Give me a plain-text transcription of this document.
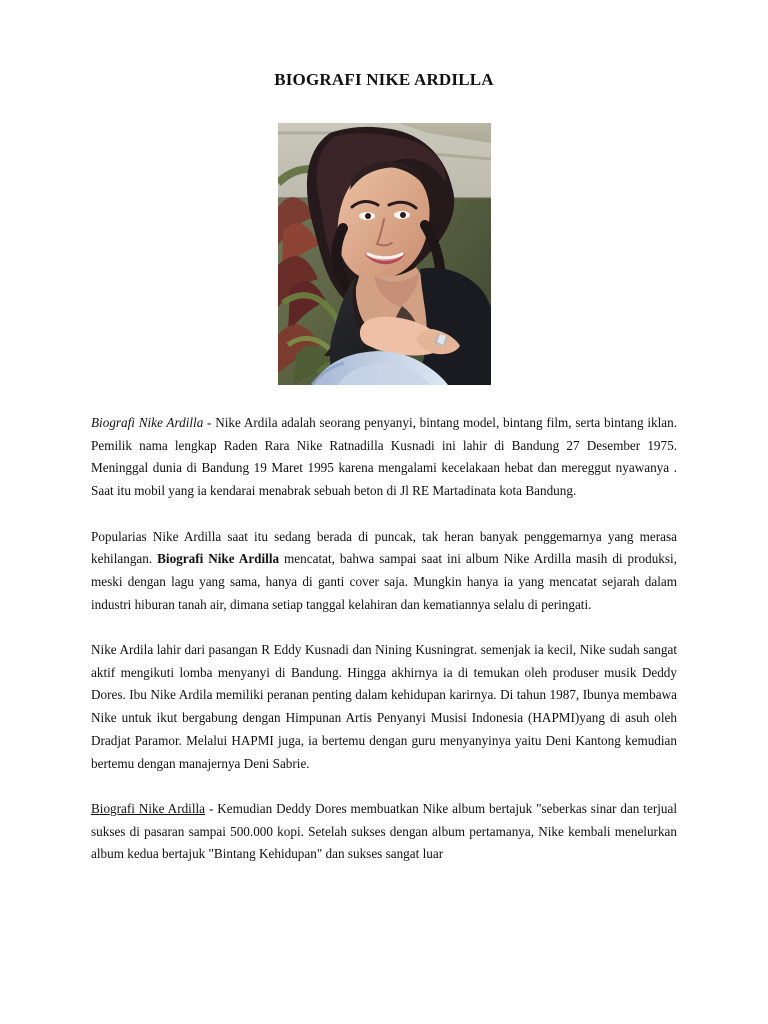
BIOGRAFI NIKE ARDILLA

Biografi Nike Ardilla - Nike Ardila adalah seorang penyanyi, bintang model, bintang film, serta bintang iklan. Pemilik nama lengkap Raden Rara Nike Ratnadilla Kusnadi ini lahir di Bandung 27 Desember 1975. Meninggal dunia di Bandung 19 Maret 1995 karena mengalami kecelakaan hebat dan mereggut nyawanya . Saat itu mobil yang ia kendarai menabrak sebuah beton di Jl RE Martadinata kota Bandung.

Popularias Nike Ardilla saat itu sedang berada di puncak, tak heran banyak penggemarnya yang merasa kehilangan. Biografi Nike Ardilla mencatat, bahwa sampai saat ini album Nike Ardilla masih di produksi, meski dengan lagu yang sama, hanya di ganti cover saja. Mungkin hanya ia yang mencatat sejarah dalam industri hiburan tanah air, dimana setiap tanggal kelahiran dan kematiannya selalu di peringati.

Nike Ardila lahir dari pasangan R Eddy Kusnadi dan Nining Kusningrat. semenjak ia kecil, Nike sudah sangat aktif mengikuti lomba menyanyi di Bandung. Hingga akhirnya ia di temukan oleh produser musik Deddy Dores. Ibu Nike Ardila memiliki peranan penting dalam kehidupan karirnya. Di tahun 1987, Ibunya membawa Nike untuk ikut bergabung dengan Himpunan Artis Penyanyi Musisi Indonesia (HAPMI)yang di asuh oleh Dradjat Paramor. Melalui HAPMI juga, ia bertemu dengan guru menyanyinya yaitu Deni Kantong kemudian bertemu dengan manajernya Deni Sabrie.

Biografi Nike Ardilla - Kemudian Deddy Dores membuatkan Nike album bertajuk "seberkas sinar dan terjual sukses di pasaran sampai 500.000 kopi. Setelah sukses dengan album pertamanya, Nike kembali menelurkan album kedua bertajuk "Bintang Kehidupan" dan sukses sangat luar
